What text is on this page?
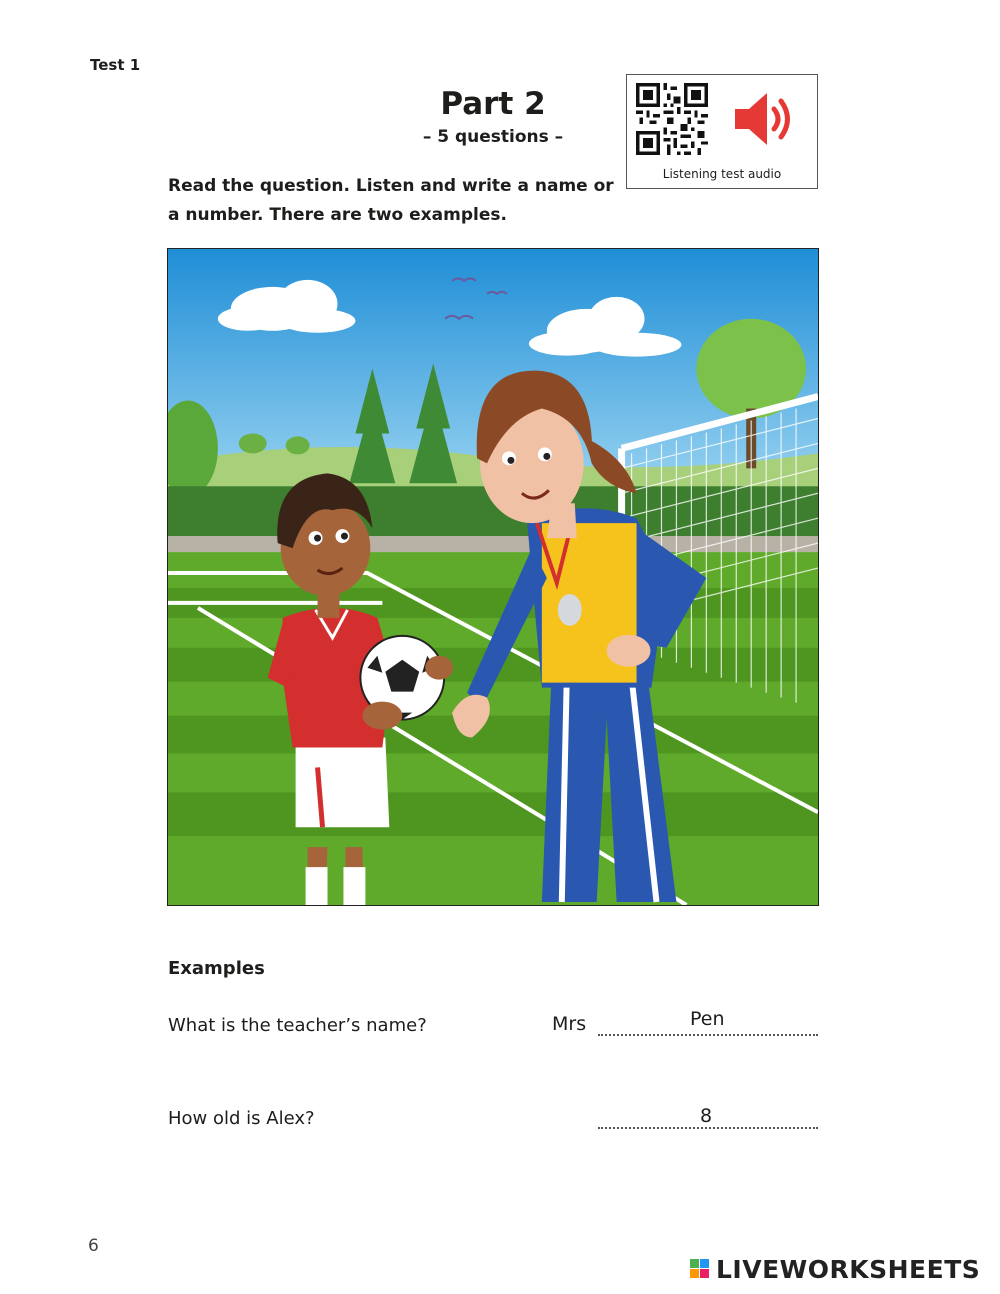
Test 1
Part 2
– 5 questions –
Read the question. Listen and write a name or a number. There are two examples.
Listening test audio
Examples
What is the teacher’s name?	Mrs	Pen
How old is Alex?	8
6
LIVEWORKSHEETS
